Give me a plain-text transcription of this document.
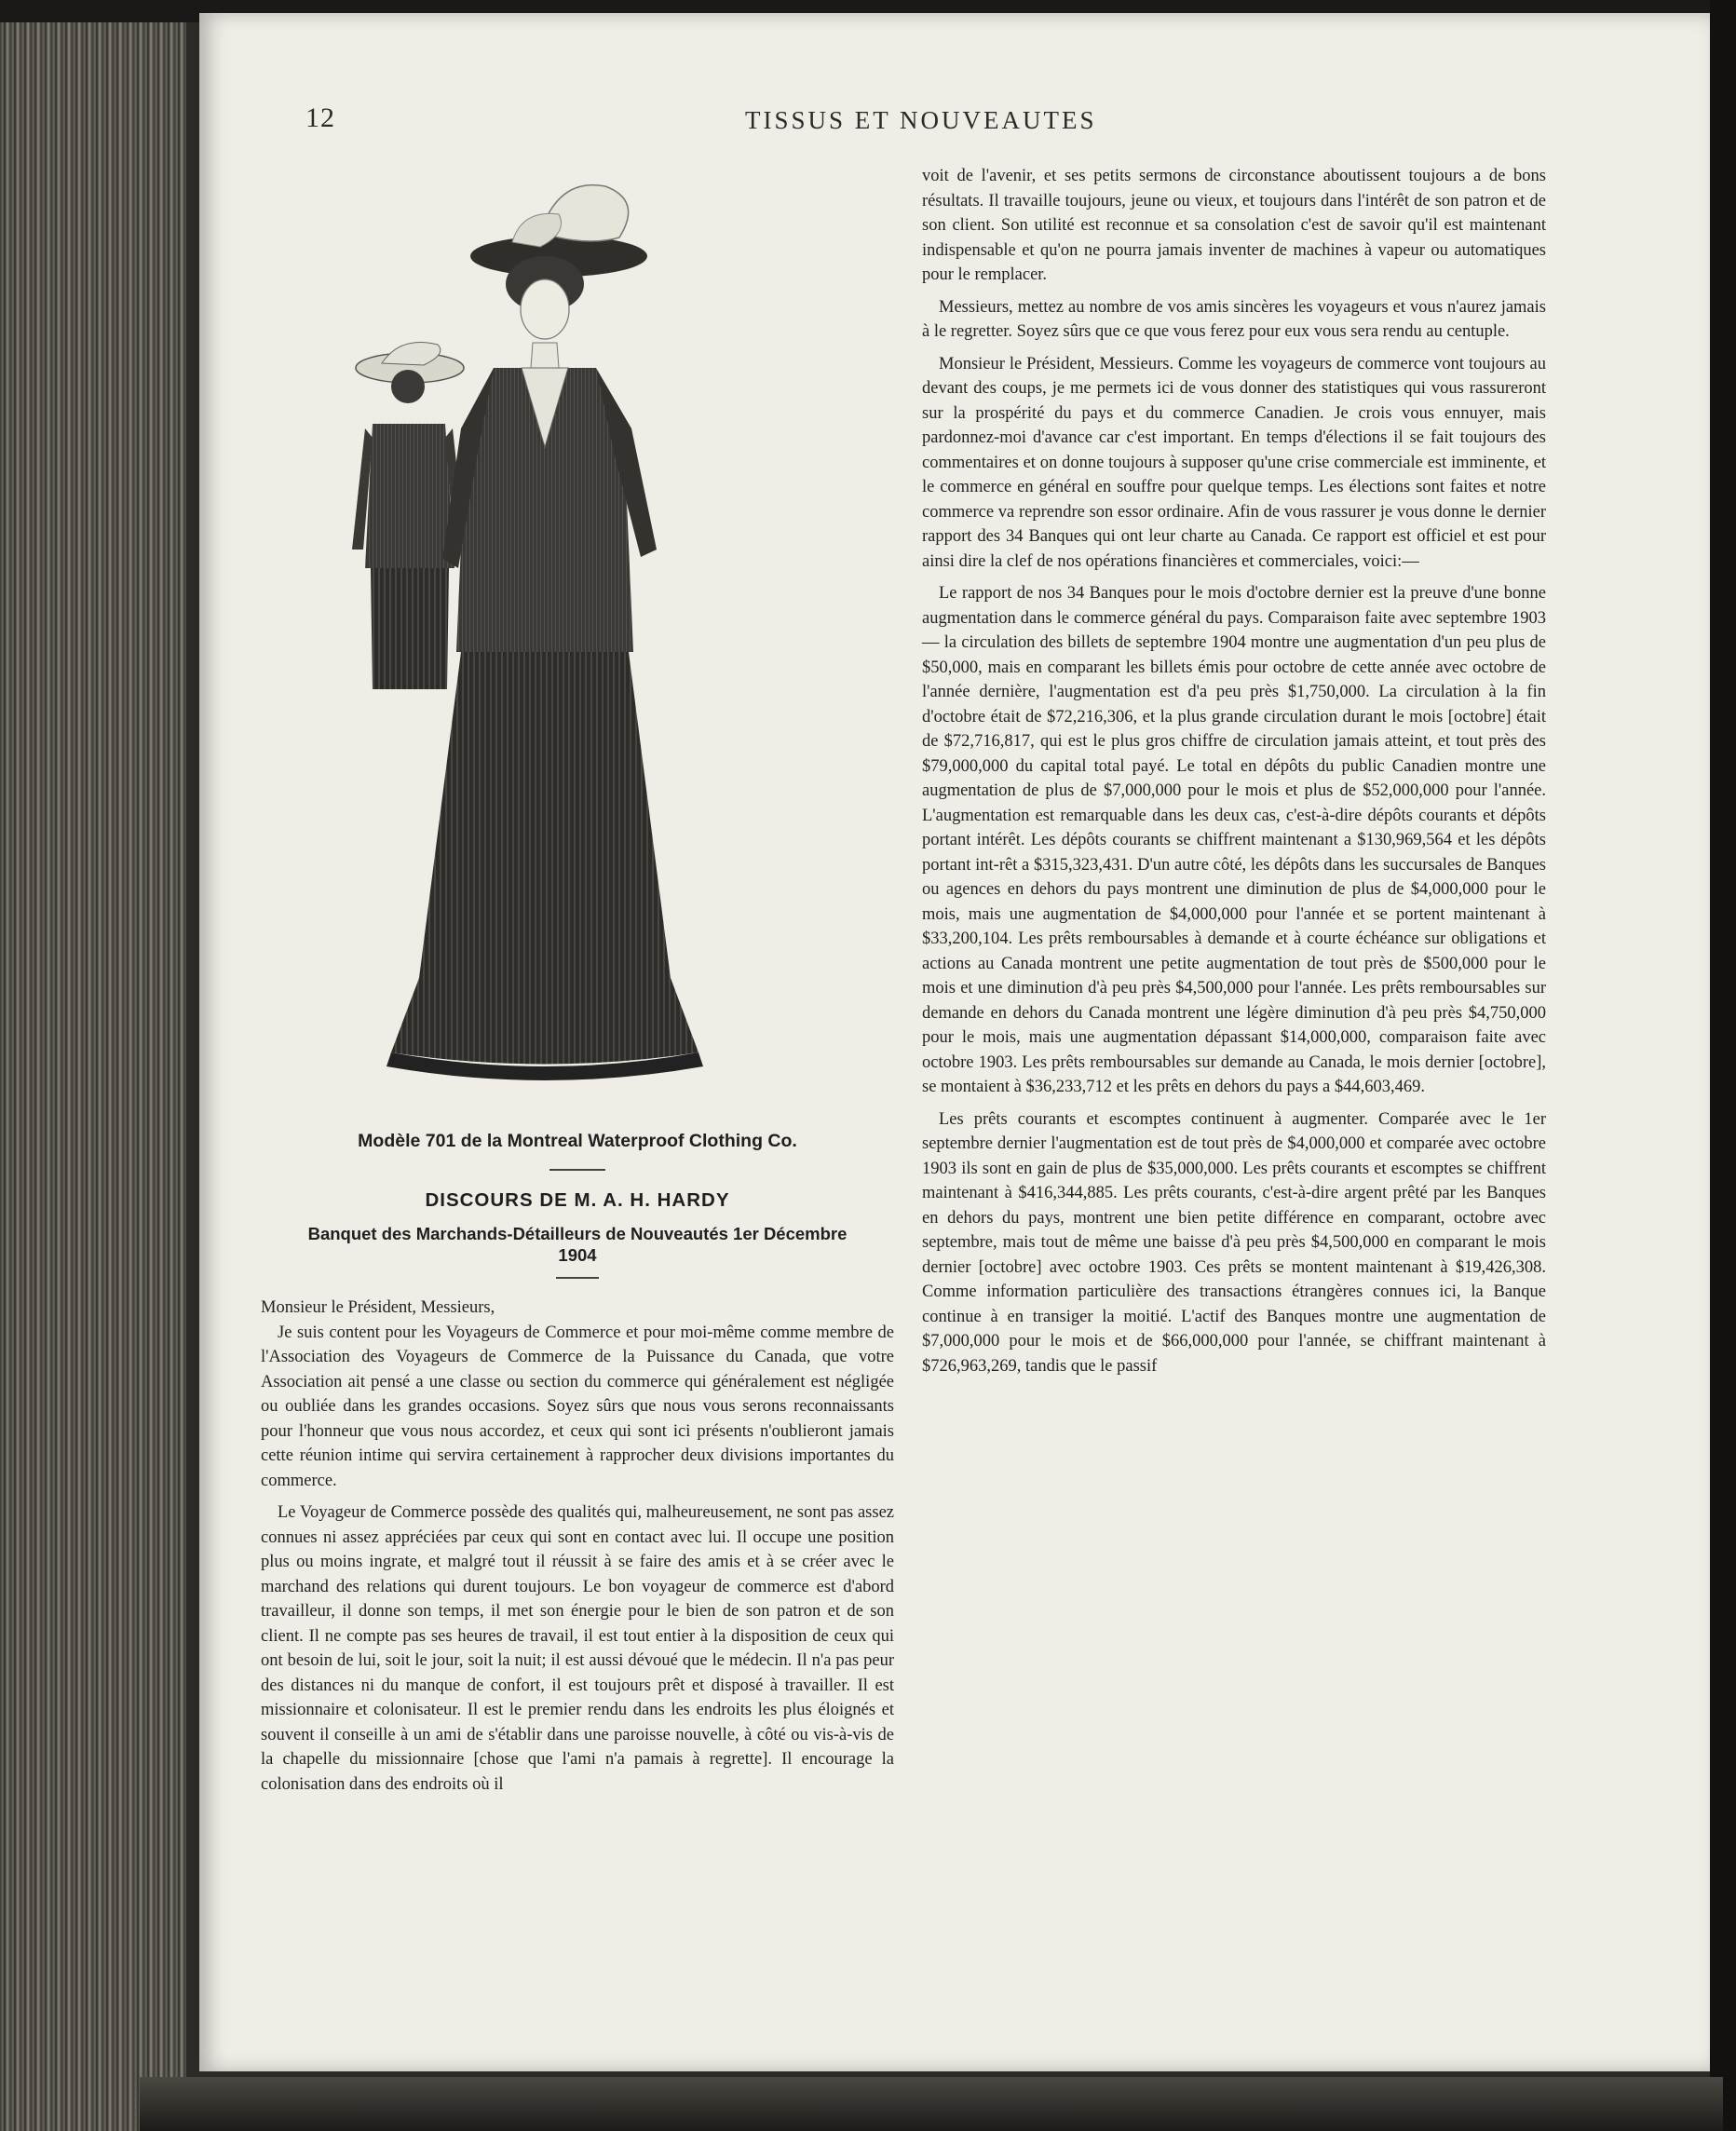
12	TISSUS ET NOUVEAUTES
Modèle 701 de la Montreal Waterproof Clothing Co.
DISCOURS DE M. A. H. HARDY
Banquet des Marchands-Détailleurs de Nouveautés 1er Décembre 1904
Monsieur le Président, Messieurs,

Je suis content pour les Voyageurs de Commerce et pour moi-même comme membre de l'Association des Voyageurs de Commerce de la Puissance du Canada, que votre Association ait pensé a une classe ou section du commerce qui généralement est négligée ou oubliée dans les grandes occasions. Soyez sûrs que nous vous serons reconnaissants pour l'honneur que vous nous accordez, et ceux qui sont ici présents n'oublieront jamais cette réunion intime qui servira certainement à rapprocher deux divisions importantes du commerce.

Le Voyageur de Commerce possède des qualités qui, malheureusement, ne sont pas assez connues ni assez appréciées par ceux qui sont en contact avec lui. Il occupe une position plus ou moins ingrate, et malgré tout il réussit à se faire des amis et à se créer avec le marchand des relations qui durent toujours. Le bon voyageur de commerce est d'abord travailleur, il donne son temps, il met son énergie pour le bien de son patron et de son client. Il ne compte pas ses heures de travail, il est tout entier à la disposition de ceux qui ont besoin de lui, soit le jour, soit la nuit; il est aussi dévoué que le médecin. Il n'a pas peur des distances ni du manque de confort, il est toujours prêt et disposé à travailler. Il est missionnaire et colonisateur. Il est le premier rendu dans les endroits les plus éloignés et souvent il conseille à un ami de s'établir dans une paroisse nouvelle, à côté ou vis-à-vis de la chapelle du missionnaire [chose que l'ami n'a pamais à regrette]. Il encourage la colonisation dans des endroits où il

voit de l'avenir, et ses petits sermons de circonstance aboutissent toujours a de bons résultats. Il travaille toujours, jeune ou vieux, et toujours dans l'intérêt de son patron et de son client. Son utilité est reconnue et sa consolation c'est de savoir qu'il est maintenant indispensable et qu'on ne pourra jamais inventer de machines à vapeur ou automatiques pour le remplacer.

Messieurs, mettez au nombre de vos amis sincères les voyageurs et vous n'aurez jamais à le regretter. Soyez sûrs que ce que vous ferez pour eux vous sera rendu au centuple.

Monsieur le Président, Messieurs. Comme les voyageurs de commerce vont toujours au devant des coups, je me permets ici de vous donner des statistiques qui vous rassureront sur la prospérité du pays et du commerce Canadien. Je crois vous ennuyer, mais pardonnez-moi d'avance car c'est important. En temps d'élections il se fait toujours des commentaires et on donne toujours à supposer qu'une crise commerciale est imminente, et le commerce en général en souffre pour quelque temps. Les élections sont faites et notre commerce va reprendre son essor ordinaire. Afin de vous rassurer je vous donne le dernier rapport des 34 Banques qui ont leur charte au Canada. Ce rapport est officiel et est pour ainsi dire la clef de nos opérations financières et commerciales, voici:—

Le rapport de nos 34 Banques pour le mois d'octobre dernier est la preuve d'une bonne augmentation dans le commerce général du pays. Comparaison faite avec septembre 1903 — la circulation des billets de septembre 1904 montre une augmentation d'un peu plus de $50,000, mais en comparant les billets émis pour octobre de cette année avec octobre de l'année dernière, l'augmentation est d'a peu près $1,750,000. La circulation à la fin d'octobre était de $72,216,306, et la plus grande circulation durant le mois [octobre] était de $72,716,817, qui est le plus gros chiffre de circulation jamais atteint, et tout près des $79,000,000 du capital total payé. Le total en dépôts du public Canadien montre une augmentation de plus de $7,000,000 pour le mois et plus de $52,000,000 pour l'année. L'augmentation est remarquable dans les deux cas, c'est-à-dire dépôts courants et dépôts portant intérêt. Les dépôts courants se chiffrent maintenant a $130,969,564 et les dépôts portant int-rêt a $315,323,431. D'un autre côté, les dépôts dans les succursales de Banques ou agences en dehors du pays montrent une diminution de plus de $4,000,000 pour le mois, mais une augmentation de $4,000,000 pour l'année et se portent maintenant à $33,200,104. Les prêts remboursables à demande et à courte échéance sur obligations et actions au Canada montrent une petite augmentation de tout près de $500,000 pour le mois et une diminution d'à peu près $4,500,000 pour l'année. Les prêts remboursables sur demande en dehors du Canada montrent une légère diminution d'à peu près $4,750,000 pour le mois, mais une augmentation dépassant $14,000,000, comparaison faite avec octobre 1903. Les prêts remboursables sur demande au Canada, le mois dernier [octobre], se montaient à $36,233,712 et les prêts en dehors du pays a $44,603,469.

Les prêts courants et escomptes continuent à augmenter. Comparée avec le 1er septembre dernier l'augmentation est de tout près de $4,000,000 et comparée avec octobre 1903 ils sont en gain de plus de $35,000,000. Les prêts courants et escomptes se chiffrent maintenant à $416,344,885. Les prêts courants, c'est-à-dire argent prêté par les Banques en dehors du pays, montrent une bien petite différence en comparant, octobre avec septembre, mais tout de même une baisse d'à peu près $4,500,000 en comparant le mois dernier [octobre] avec octobre 1903. Ces prêts se montent maintenant à $19,426,308. Comme information particulière des transactions étrangères connues ici, la Banque continue à en transiger la moitié. L'actif des Banques montre une augmentation de $7,000,000 pour le mois et de $66,000,000 pour l'année, se chiffrant maintenant à $726,963,269, tandis que le passif
